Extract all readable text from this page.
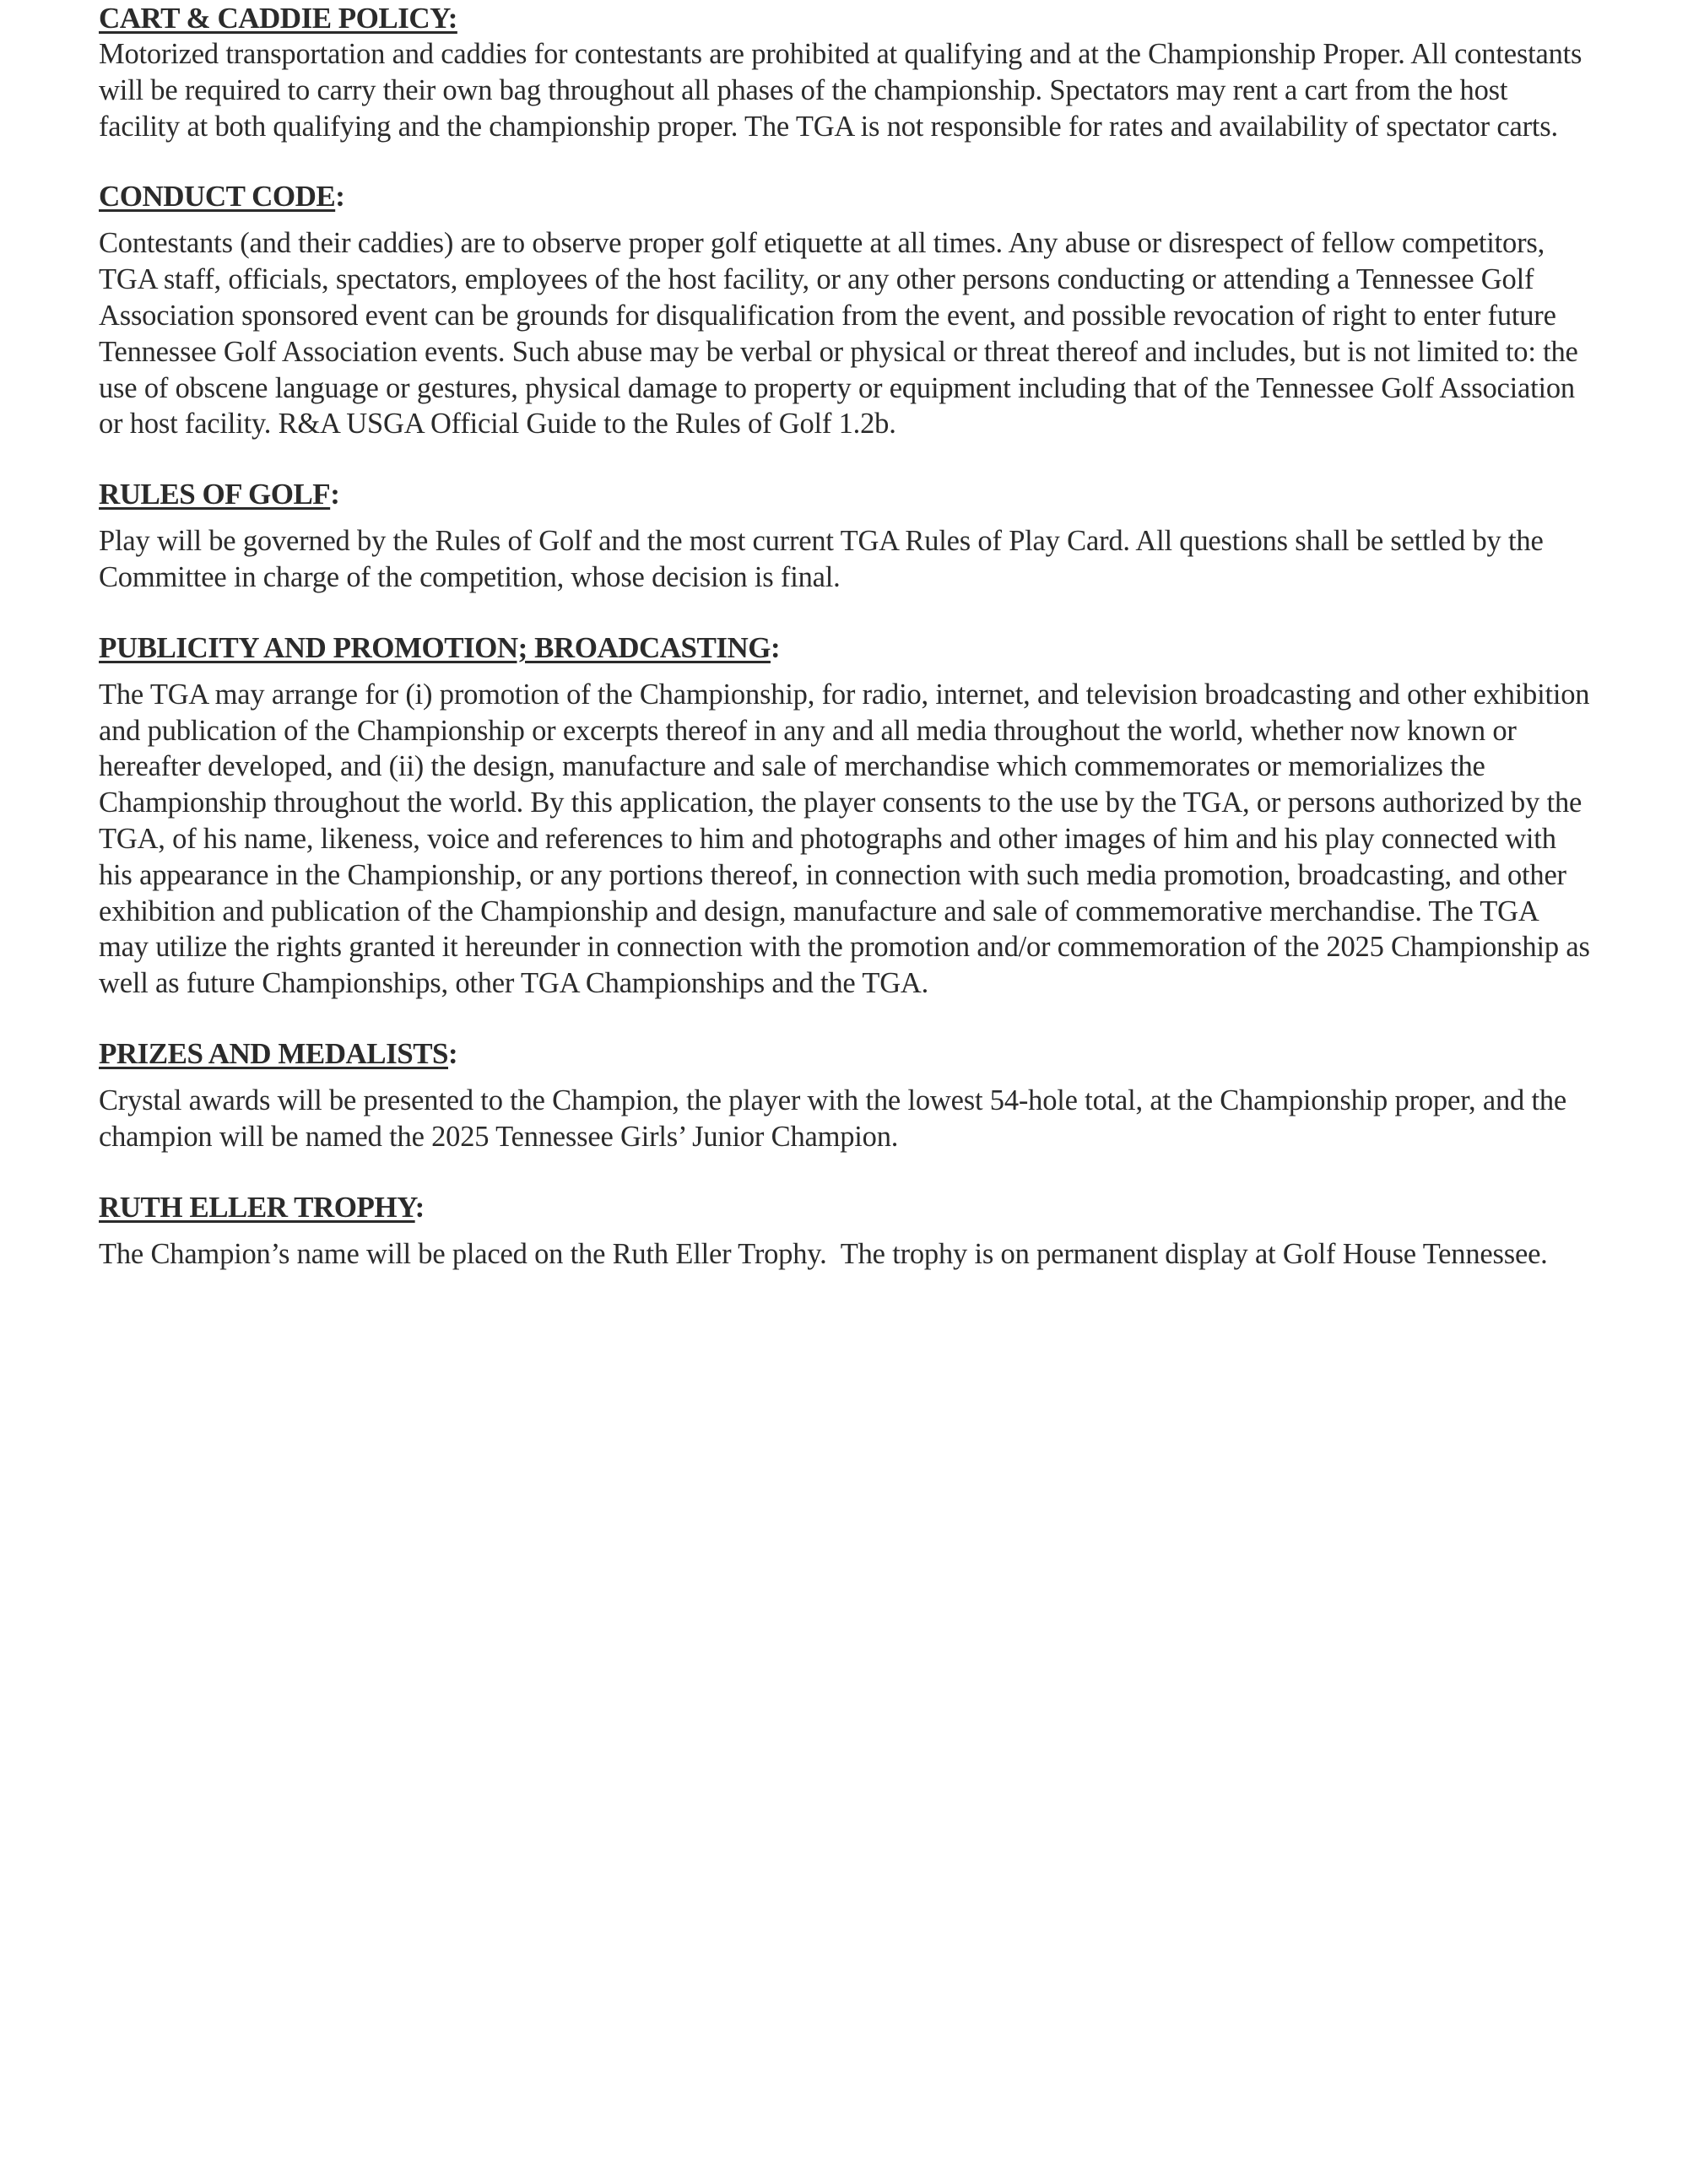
CART & CADDIE POLICY:

Motorized transportation and caddies for contestants are prohibited at qualifying and at the Championship Proper. All contestants will be required to carry their own bag throughout all phases of the championship. Spectators may rent a cart from the host facility at both qualifying and the championship proper. The TGA is not responsible for rates and availability of spectator carts.

CONDUCT CODE:

Contestants (and their caddies) are to observe proper golf etiquette at all times. Any abuse or disrespect of fellow competitors, TGA staff, officials, spectators, employees of the host facility, or any other persons conducting or attending a Tennessee Golf Association sponsored event can be grounds for disqualification from the event, and possible revocation of right to enter future Tennessee Golf Association events. Such abuse may be verbal or physical or threat thereof and includes, but is not limited to: the use of obscene language or gestures, physical damage to property or equipment including that of the Tennessee Golf Association or host facility. R&A USGA Official Guide to the Rules of Golf 1.2b.

RULES OF GOLF:

Play will be governed by the Rules of Golf and the most current TGA Rules of Play Card. All questions shall be settled by the Committee in charge of the competition, whose decision is final.

PUBLICITY AND PROMOTION; BROADCASTING:

The TGA may arrange for (i) promotion of the Championship, for radio, internet, and television broadcasting and other exhibition and publication of the Championship or excerpts thereof in any and all media throughout the world, whether now known or hereafter developed, and (ii) the design, manufacture and sale of merchandise which commemorates or memorializes the Championship throughout the world. By this application, the player consents to the use by the TGA, or persons authorized by the TGA, of his name, likeness, voice and references to him and photographs and other images of him and his play connected with his appearance in the Championship, or any portions thereof, in connection with such media promotion, broadcasting, and other exhibition and publication of the Championship and design, manufacture and sale of commemorative merchandise. The TGA may utilize the rights granted it hereunder in connection with the promotion and/or commemoration of the 2025 Championship as well as future Championships, other TGA Championships and the TGA.

PRIZES AND MEDALISTS:

Crystal awards will be presented to the Champion, the player with the lowest 54-hole total, at the Championship proper, and the champion will be named the 2025 Tennessee Girls’ Junior Champion.

RUTH ELLER TROPHY:

The Champion’s name will be placed on the Ruth Eller Trophy.  The trophy is on permanent display at Golf House Tennessee.
